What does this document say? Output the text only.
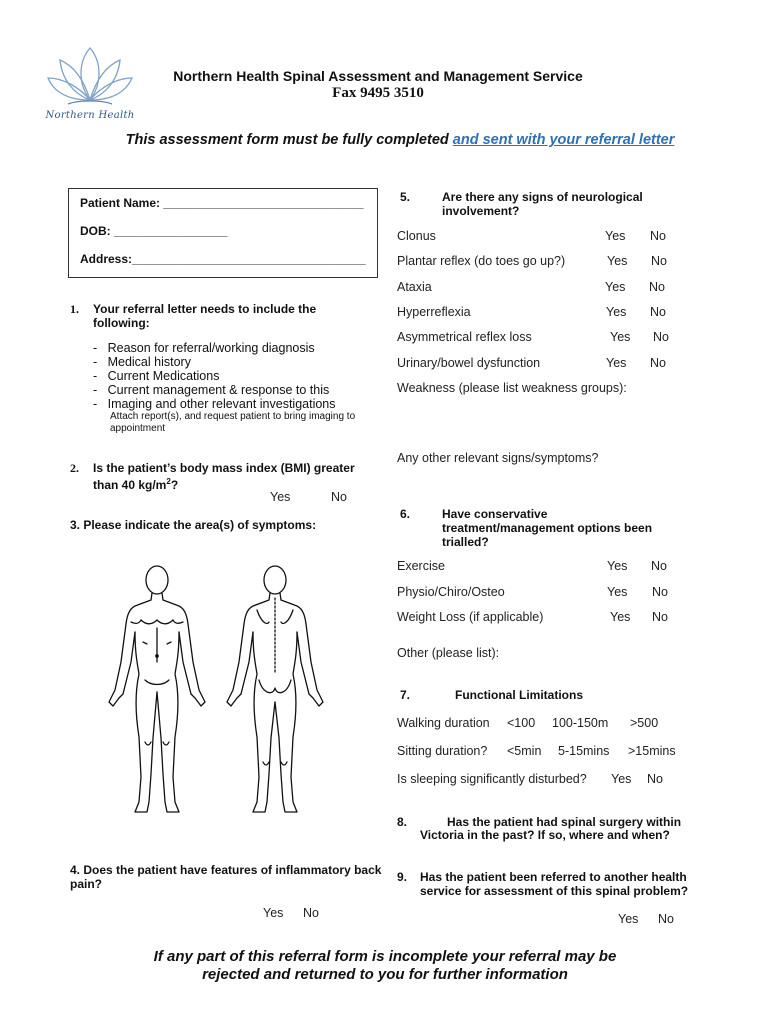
Northern Health
Northern Health Spinal Assessment and Management Service
Fax 9495 3510
This assessment form must be fully completed and sent with your referral letter
Patient Name: ______________________________
DOB: _________________
Address:___________________________________
1. Your referral letter needs to include the following:
-   Reason for referral/working diagnosis
-   Medical history
-   Current Medications
-   Current management & response to this
-   Imaging and other relevant investigations
Attach report(s), and request patient to bring imaging to appointment
2. Is the patient’s body mass index (BMI) greater
than 40 $kg/m^2$?
Yes	No
3. Please indicate the area(s) of symptoms:
4. Does the patient have features of inflammatory back pain?
Yes No
5.	Are there any signs of neurological involvement?
Clonus	Yes No
Plantar reflex (do toes go up?)	Yes No
Ataxia	Yes No
Hyperreflexia	Yes No
Asymmetrical reflex loss	Yes No
Urinary/bowel dysfunction	Yes No
Weakness (please list weakness groups):
Any other relevant signs/symptoms?
6.	Have conservative treatment/management options been trialled?
Exercise	Yes No
Physio/Chiro/Osteo	Yes No
Weight Loss (if applicable)	Yes No
Other (please list):
7.	Functional Limitations
Walking duration <100 100-150m >500
Sitting duration? <5min 5-15mins >15mins
Is sleeping significantly disturbed? Yes No
8.	Has the patient had spinal surgery within
Victoria in the past? If so, where and when?
9. Has the patient been referred to another health service for assessment of this spinal problem?
Yes No
If any part of this referral form is incomplete your referral may be
rejected and returned to you for further information
